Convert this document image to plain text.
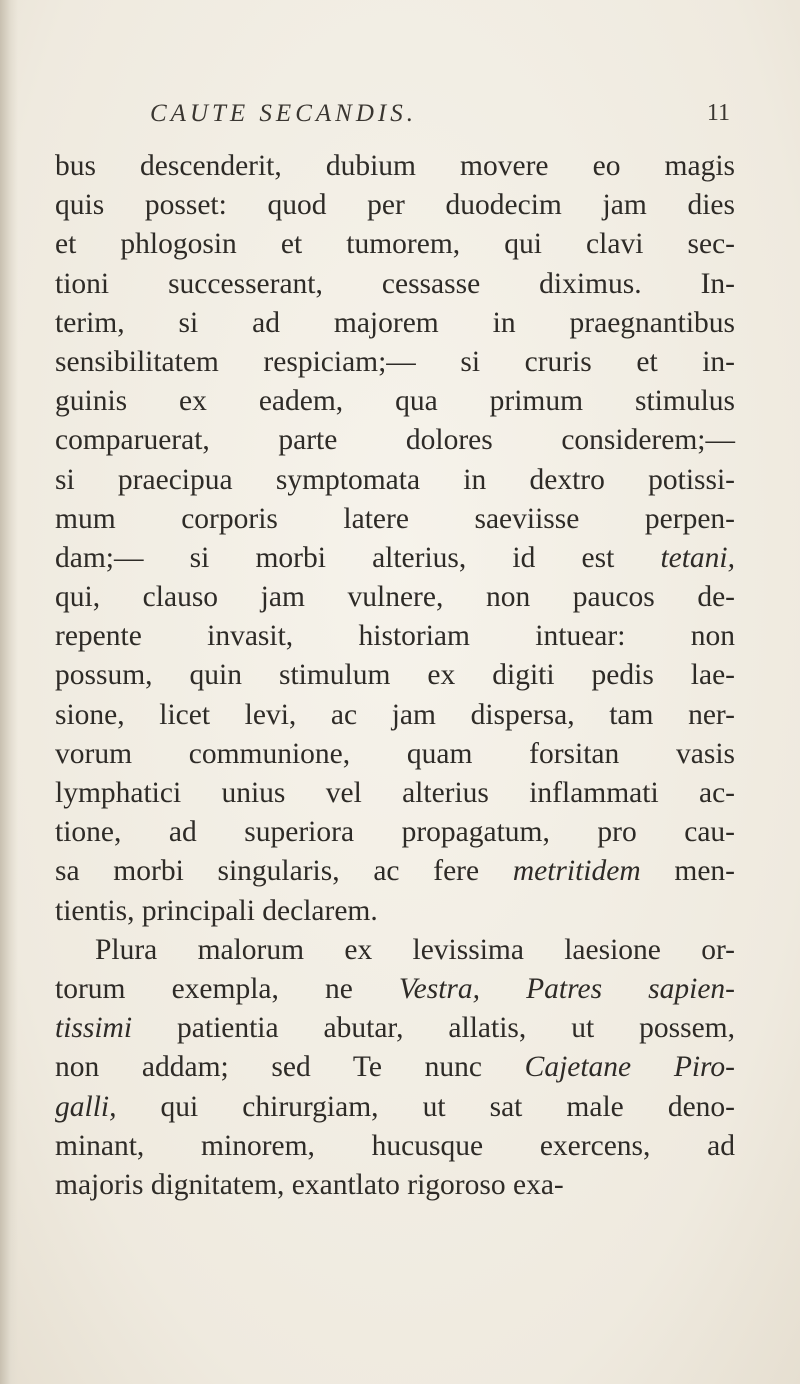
CAUTE SECANDIS.	11
bus descenderit, dubium movere eo magis
quis posset: quod per duodecim jam dies
et phlogosin et tumorem, qui clavi sec-
tioni successerant, cessasse diximus. In-
terim, si ad majorem in praegnantibus
sensibilitatem respiciam;— si cruris et in-
guinis ex eadem, qua primum stimulus
comparuerat, parte dolores considerem;—
si praecipua symptomata in dextro potissi-
mum corporis latere saeviisse perpen-
dam;— si morbi alterius, id est tetani,
qui, clauso jam vulnere, non paucos de-
repente invasit, historiam intuear: non
possum, quin stimulum ex digiti pedis lae-
sione, licet levi, ac jam dispersa, tam ner-
vorum communione, quam forsitan vasis
lymphatici unius vel alterius inflammati ac-
tione, ad superiora propagatum, pro cau-
sa morbi singularis, ac fere metritidem men-
tientis, principali declarem.
Plura malorum ex levissima laesione or-
torum exempla, ne Vestra, Patres sapien-
tissimi patientia abutar, allatis, ut possem,
non addam; sed Te nunc Cajetane Piro-
galli, qui chirurgiam, ut sat male deno-
minant, minorem, hucusque exercens, ad
majoris dignitatem, exantlato rigoroso exa-
